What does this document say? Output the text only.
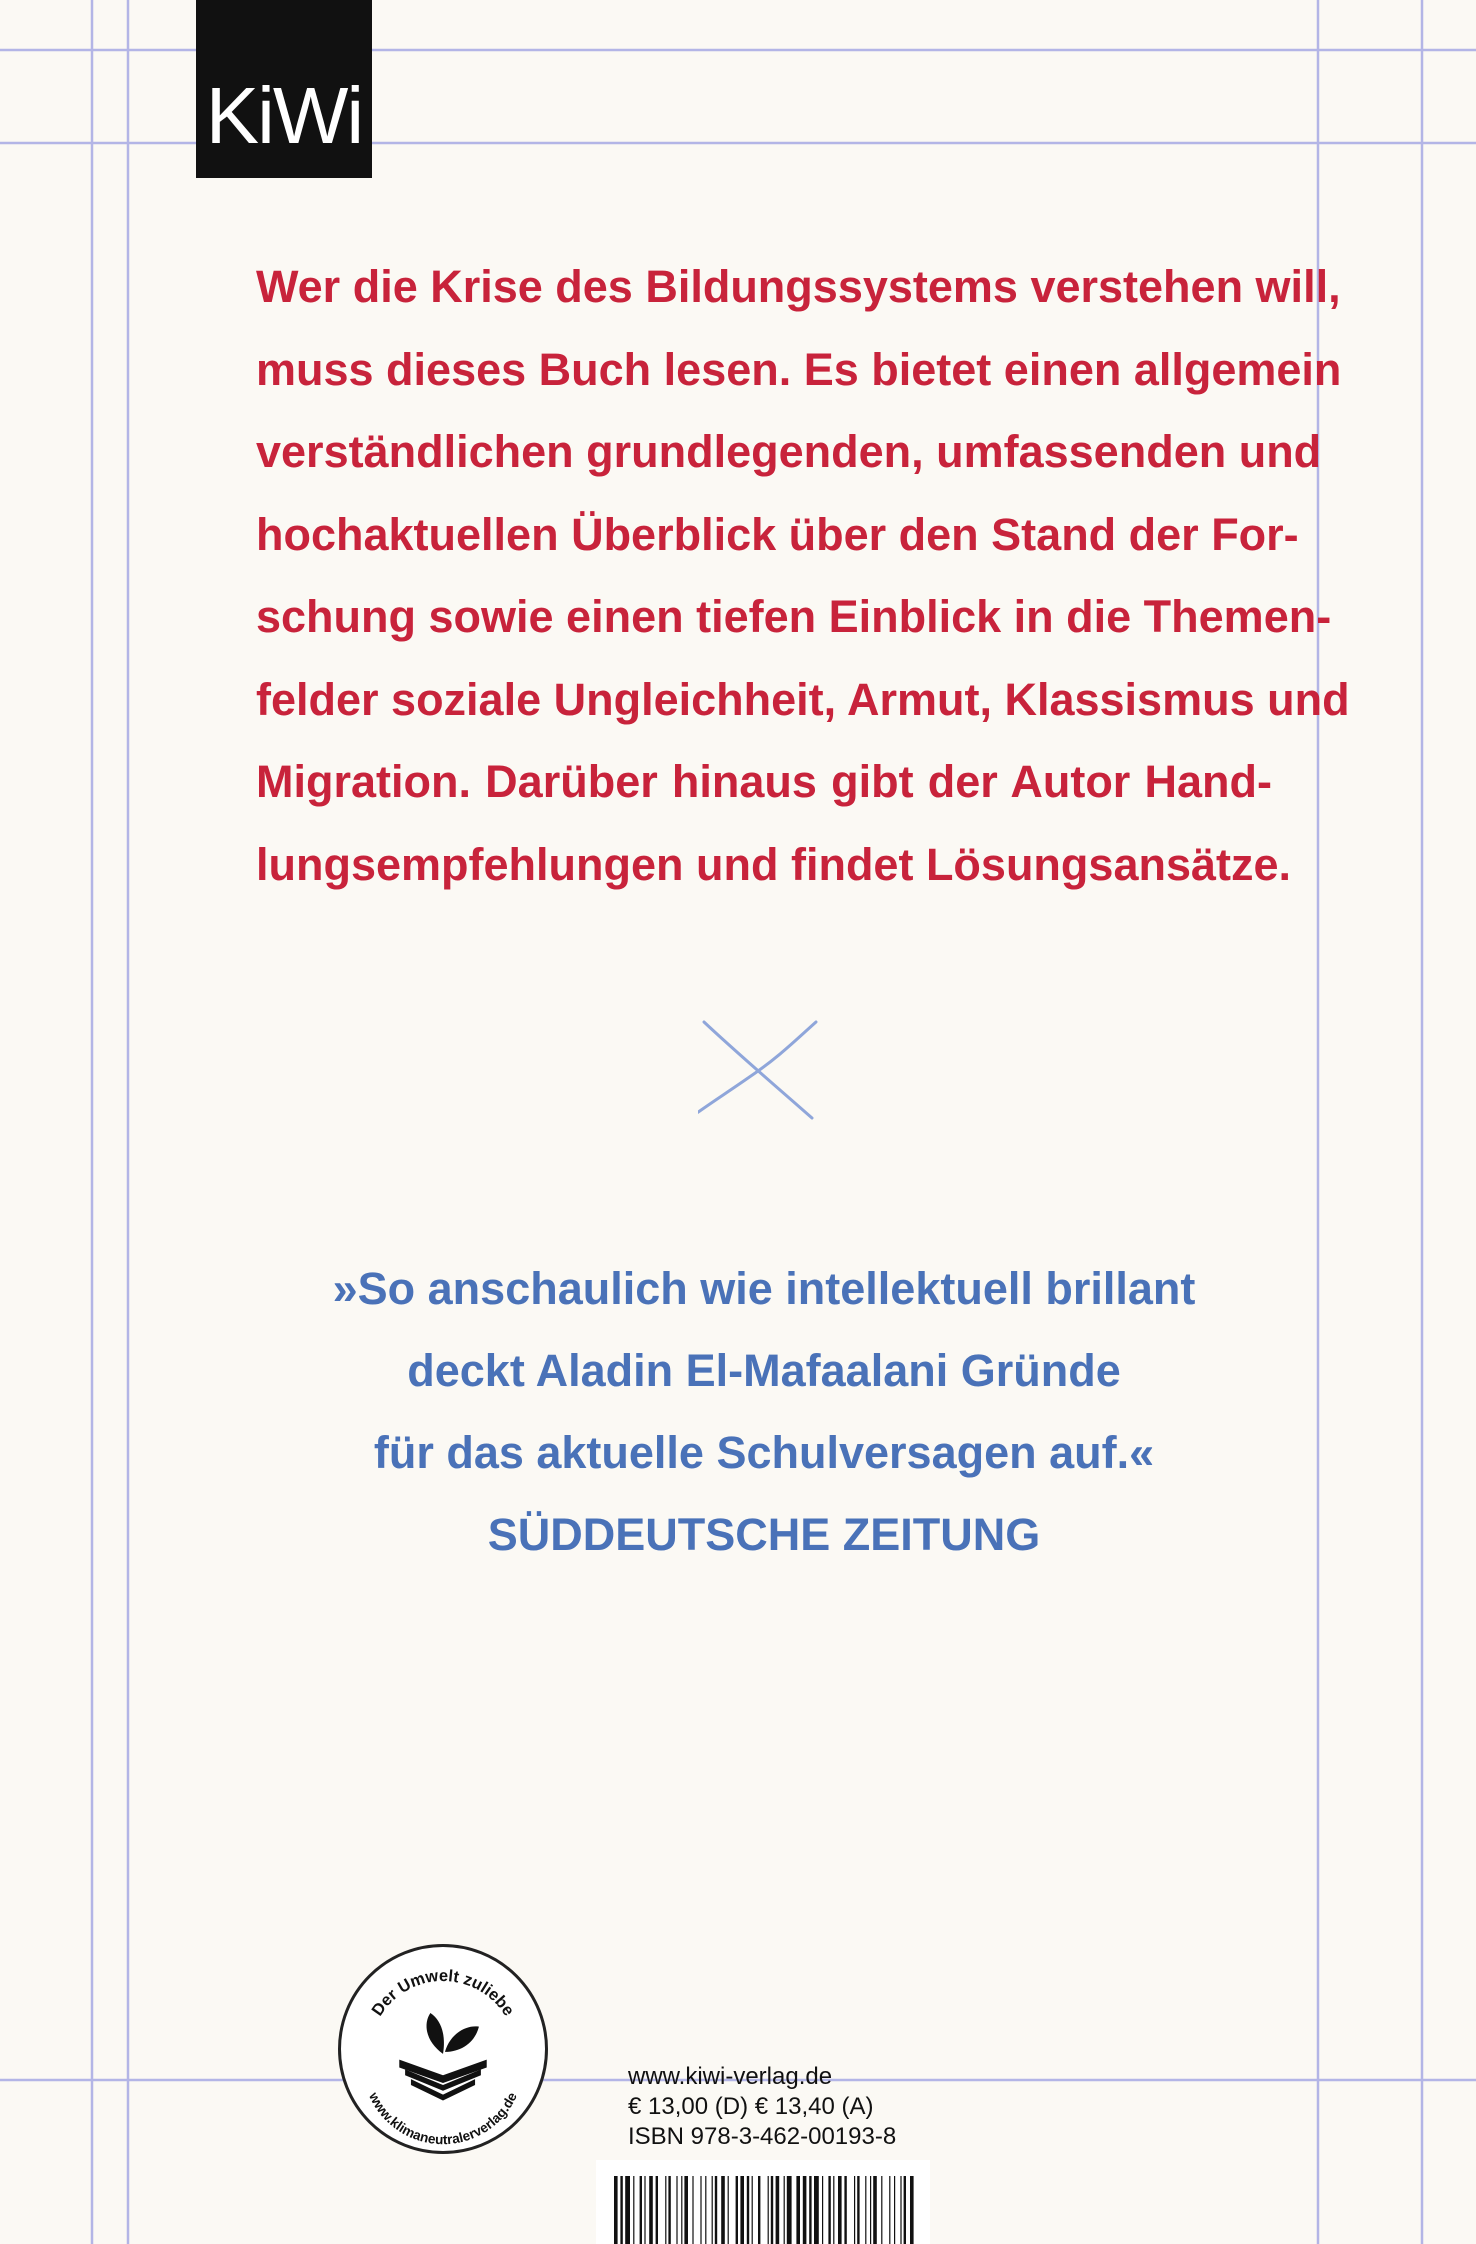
KiWi
Wer die Krise des Bildungssystems verstehen will,
muss dieses Buch lesen. Es bietet einen allgemein
verständlichen grundlegenden, umfassenden und
hochaktuellen Überblick über den Stand der For-
schung sowie einen tiefen Einblick in die Themen-
felder soziale Ungleichheit, Armut, Klassismus und
Migration. Darüber hinaus gibt der Autor Hand-
lungsempfehlungen und findet Lösungsansätze.
»So anschaulich wie intellektuell brillant
deckt Aladin El-Mafaalani Gründe
für das aktuelle Schulversagen auf.«
SÜDDEUTSCHE ZEITUNG
Der Umwelt zuliebe
www.klimaneutralerverlag.de
www.kiwi-verlag.de
€ 13,00 (D) € 13,40 (A)
ISBN 978-3-462-00193-8
